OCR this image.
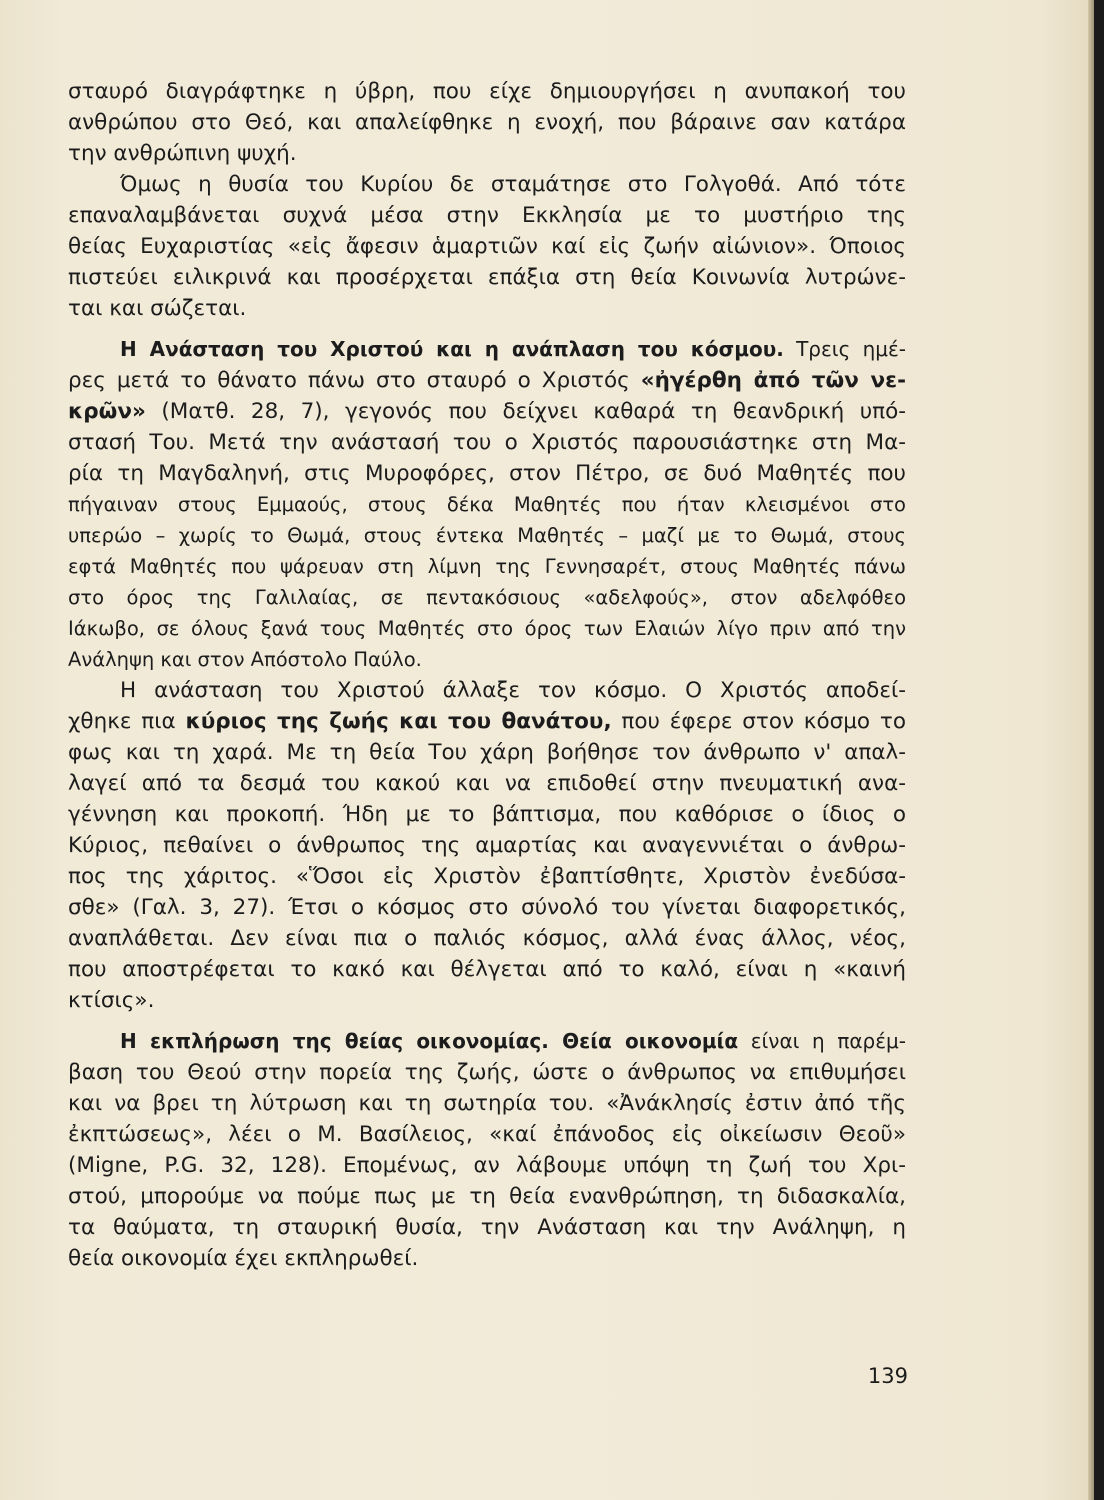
σταυρό διαγράφτηκε η ύβρη, που είχε δημιουργήσει η ανυπακοή του
ανθρώπου στο Θεό, και απαλείφθηκε η ενοχή, που βάραινε σαν κατάρα
την ανθρώπινη ψυχή.
Όμως η θυσία του Κυρίου δε σταμάτησε στο Γολγοθά. Από τότε
επαναλαμβάνεται συχνά μέσα στην Εκκλησία με το μυστήριο της
θείας Ευχαριστίας «εἰς ἄφεσιν ἁμαρτιῶν καί εἰς ζωήν αἰώνιον». Όποιος
πιστεύει ειλικρινά και προσέρχεται επάξια στη θεία Κοινωνία λυτρώνε-
ται και σώζεται.
Η Ανάσταση του Χριστού και η ανάπλαση του κόσμου. Τρεις ημέ-
ρες μετά το θάνατο πάνω στο σταυρό ο Χριστός «ἠγέρθη ἀπό τῶν νε-
κρῶν» (Ματθ. 28, 7), γεγονός που δείχνει καθαρά τη θεανδρική υπό-
στασή Του. Μετά την ανάστασή του ο Χριστός παρουσιάστηκε στη Μα-
ρία τη Μαγδαληνή, στις Μυροφόρες, στον Πέτρο, σε δυό Μαθητές που
πήγαιναν στους Εμμαούς, στους δέκα Μαθητές που ήταν κλεισμένοι στο
υπερώο – χωρίς το Θωμά, στους έντεκα Μαθητές – μαζί με το Θωμά, στους
εφτά Μαθητές που ψάρευαν στη λίμνη της Γεννησαρέτ, στους Μαθητές πάνω
στο όρος της Γαλιλαίας, σε πεντακόσιους «αδελφούς», στον αδελφόθεο
Ιάκωβο, σε όλους ξανά τους Μαθητές στο όρος των Ελαιών λίγο πριν από την
Ανάληψη και στον Απόστολο Παύλο.
Η ανάσταση του Χριστού άλλαξε τον κόσμο. Ο Χριστός αποδεί-
χθηκε πια κύριος της ζωής και του θανάτου, που έφερε στον κόσμο το
φως και τη χαρά. Με τη θεία Του χάρη βοήθησε τον άνθρωπο ν' απαλ-
λαγεί από τα δεσμά του κακού και να επιδοθεί στην πνευματική ανα-
γέννηση και προκοπή. Ήδη με το βάπτισμα, που καθόρισε ο ίδιος ο
Κύριος, πεθαίνει ο άνθρωπος της αμαρτίας και αναγεννιέται ο άνθρω-
πος της χάριτος. «Ὅσοι εἰς Χριστὸν ἐβαπτίσθητε, Χριστὸν ἐνεδύσα-
σθε» (Γαλ. 3, 27). Έτσι ο κόσμος στο σύνολό του γίνεται διαφορετικός,
αναπλάθεται. Δεν είναι πια ο παλιός κόσμος, αλλά ένας άλλος, νέος,
που αποστρέφεται το κακό και θέλγεται από το καλό, είναι η «καινή
κτίσις».
Η εκπλήρωση της θείας οικονομίας. Θεία οικονομία είναι η παρέμ-
βαση του Θεού στην πορεία της ζωής, ώστε ο άνθρωπος να επιθυμήσει
και να βρει τη λύτρωση και τη σωτηρία του. «Ἀνάκλησίς ἐστιν ἀπό τῆς
ἐκπτώσεως», λέει ο Μ. Βασίλειος, «καί ἐπάνοδος εἰς οἰκείωσιν Θεοῦ»
(Migne, P.G. 32, 128). Επομένως, αν λάβουμε υπόψη τη ζωή του Χρι-
στού, μπορούμε να πούμε πως με τη θεία ενανθρώπηση, τη διδασκαλία,
τα θαύματα, τη σταυρική θυσία, την Ανάσταση και την Ανάληψη, η
θεία οικονομία έχει εκπληρωθεί.
139
